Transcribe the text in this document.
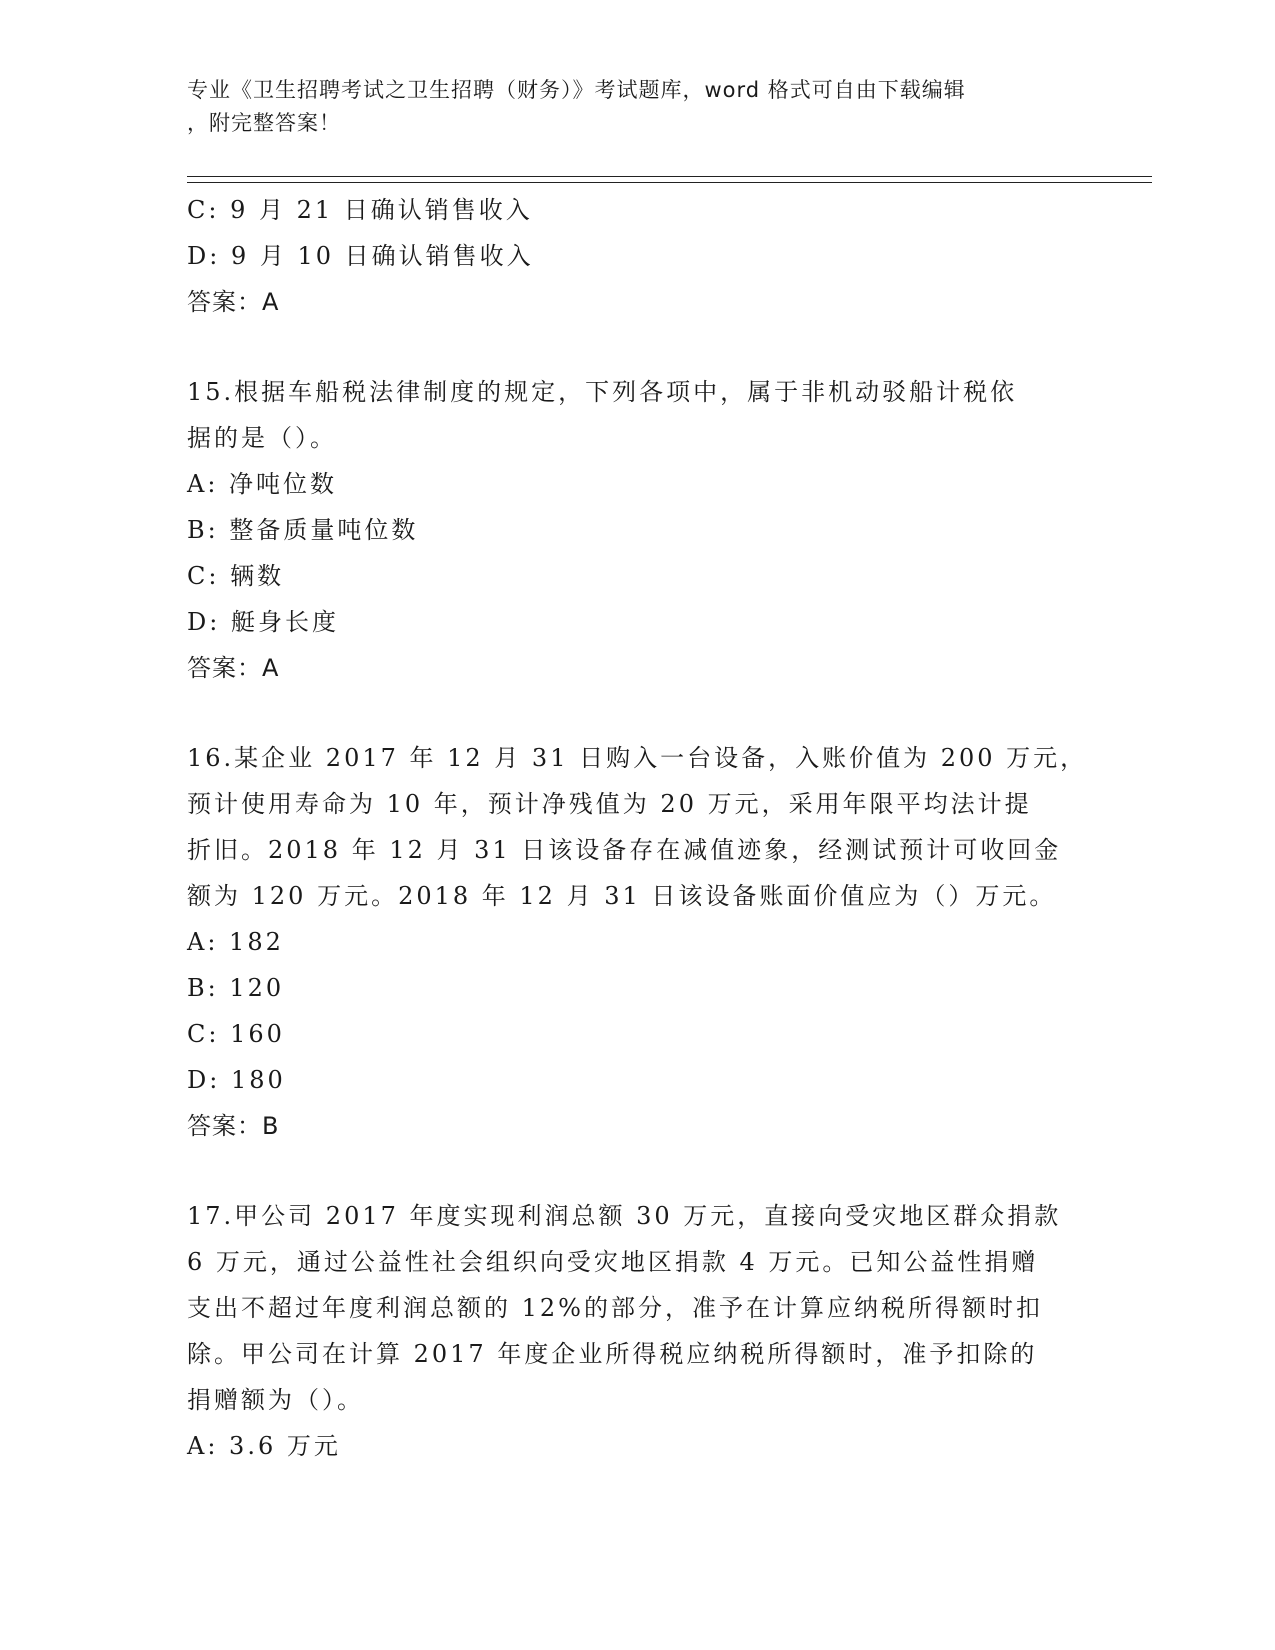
专业《卫生招聘考试之卫生招聘（财务）》考试题库，word 格式可自由下载编辑
，附完整答案！
C: 9 月 21 日确认销售收入
D: 9 月 10 日确认销售收入
答案：A
15.根据车船税法律制度的规定，下列各项中，属于非机动驳船计税依
据的是（）。
A: 净吨位数
B: 整备质量吨位数
C: 辆数
D: 艇身长度
答案：A
16.某企业 2017 年 12 月 31 日购入一台设备，入账价值为 200 万元，
预计使用寿命为 10 年，预计净残值为 20 万元，采用年限平均法计提
折旧。2018 年 12 月 31 日该设备存在减值迹象，经测试预计可收回金
额为 120 万元。2018 年 12 月 31 日该设备账面价值应为（）万元。
A: 182
B: 120
C: 160
D: 180
答案：B
17.甲公司 2017 年度实现利润总额 30 万元，直接向受灾地区群众捐款
6 万元，通过公益性社会组织向受灾地区捐款 4 万元。已知公益性捐赠
支出不超过年度利润总额的 12%的部分，准予在计算应纳税所得额时扣
除。甲公司在计算 2017 年度企业所得税应纳税所得额时，准予扣除的
捐赠额为（）。
A: 3.6 万元
